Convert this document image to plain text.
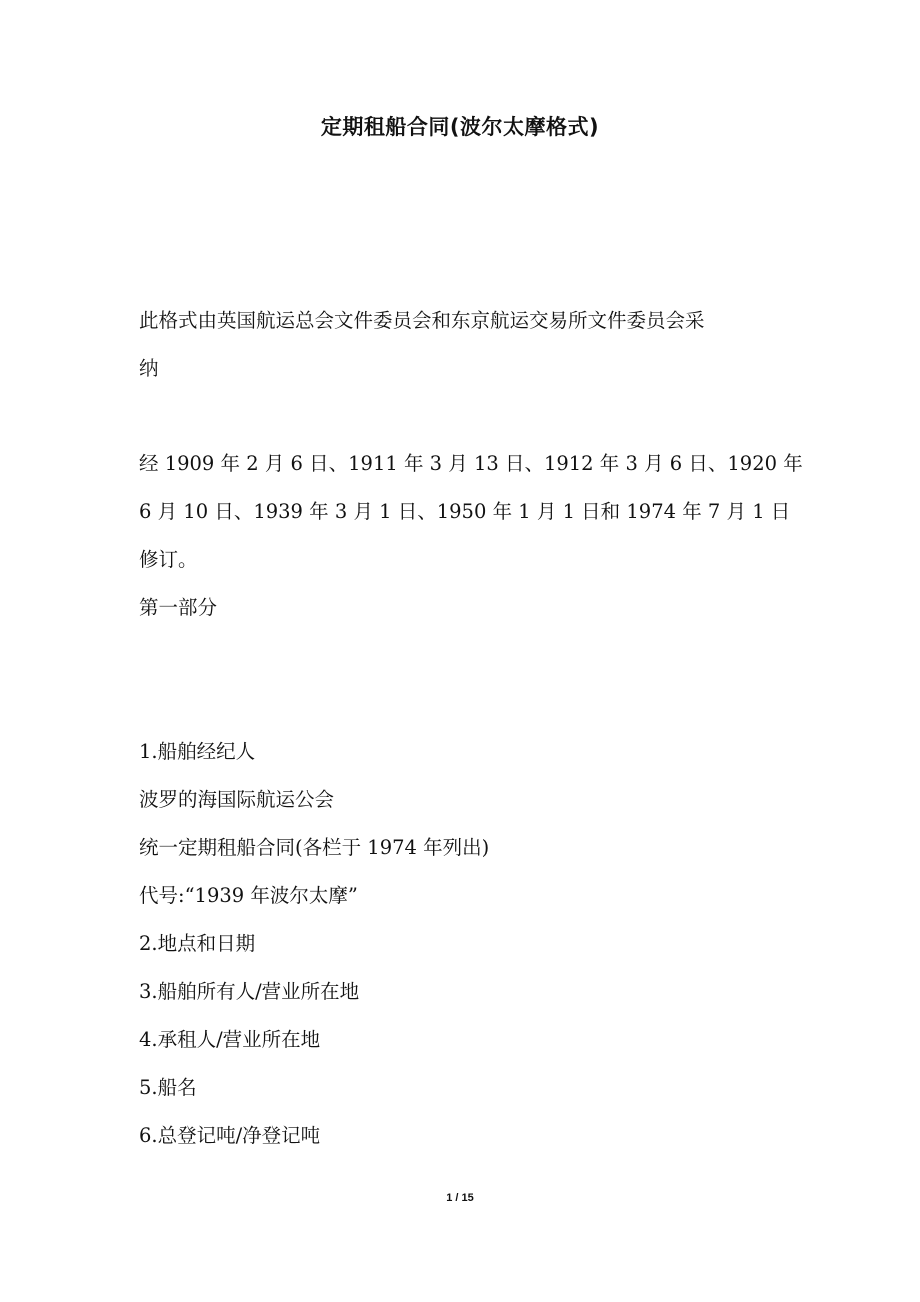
定期租船合同(波尔太摩格式)
此格式由英国航运总会文件委员会和东京航运交易所文件委员会采
纳
经 1909 年 2 月 6 日、1911 年 3 月 13 日、1912 年 3 月 6 日、1920 年
6 月 10 日、1939 年 3 月 1 日、1950 年 1 月 1 日和 1974 年 7 月 1 日
修订。
第一部分
1.船舶经纪人
波罗的海国际航运公会
统一定期租船合同(各栏于 1974 年列出)
代号:“1939 年波尔太摩”
2.地点和日期
3.船舶所有人/营业所在地
4.承租人/营业所在地
5.船名
6.总登记吨/净登记吨
1 / 15
